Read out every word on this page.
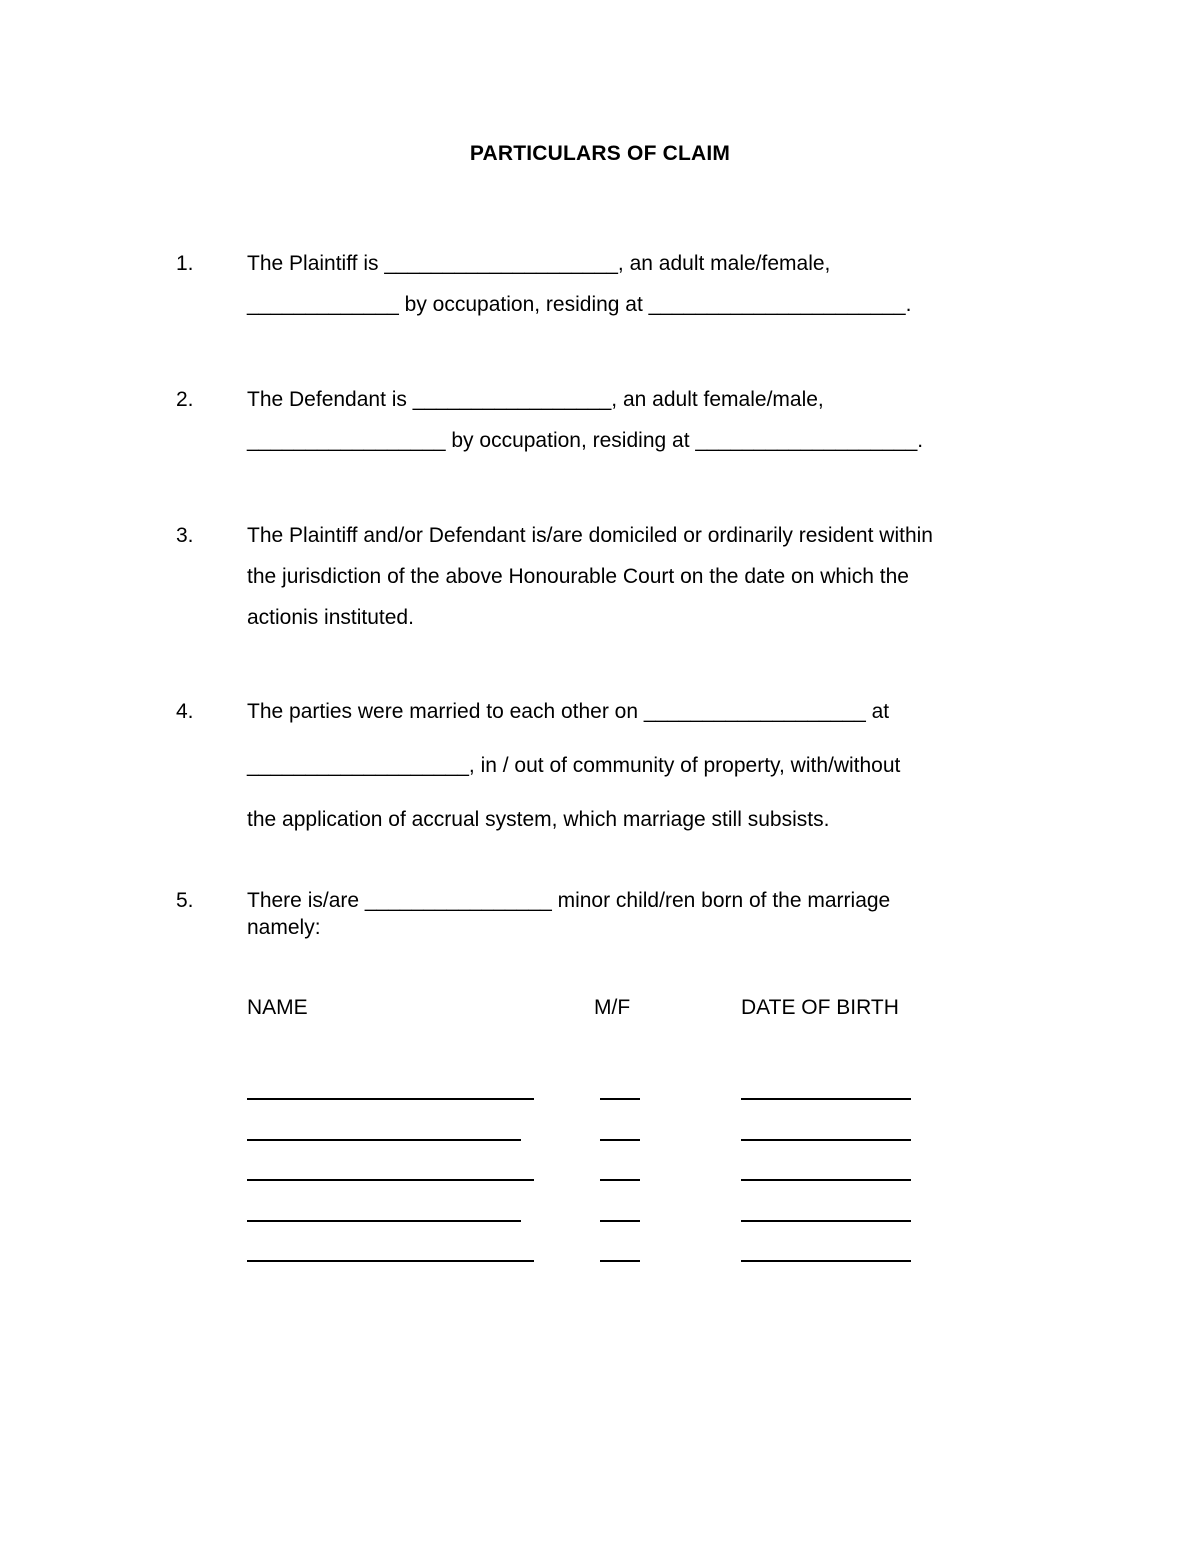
PARTICULARS OF CLAIM
1.	The Plaintiff is ____________________, an adult male/female,
_____________ by occupation, residing at ______________________.
2.	The Defendant is _________________, an adult female/male,
_________________ by occupation, residing at ___________________.
3.	The Plaintiff and/or Defendant is/are domiciled or ordinarily resident within
the jurisdiction of the above Honourable Court on the date on which the
actionis instituted.
4.	The parties were married to each other on ___________________ at
___________________, in / out of community of property, with/without
the application of accrual system, which marriage still subsists.
5.	There is/are ________________ minor child/ren born of the marriage
namely:
NAME	M/F	DATE OF BIRTH
